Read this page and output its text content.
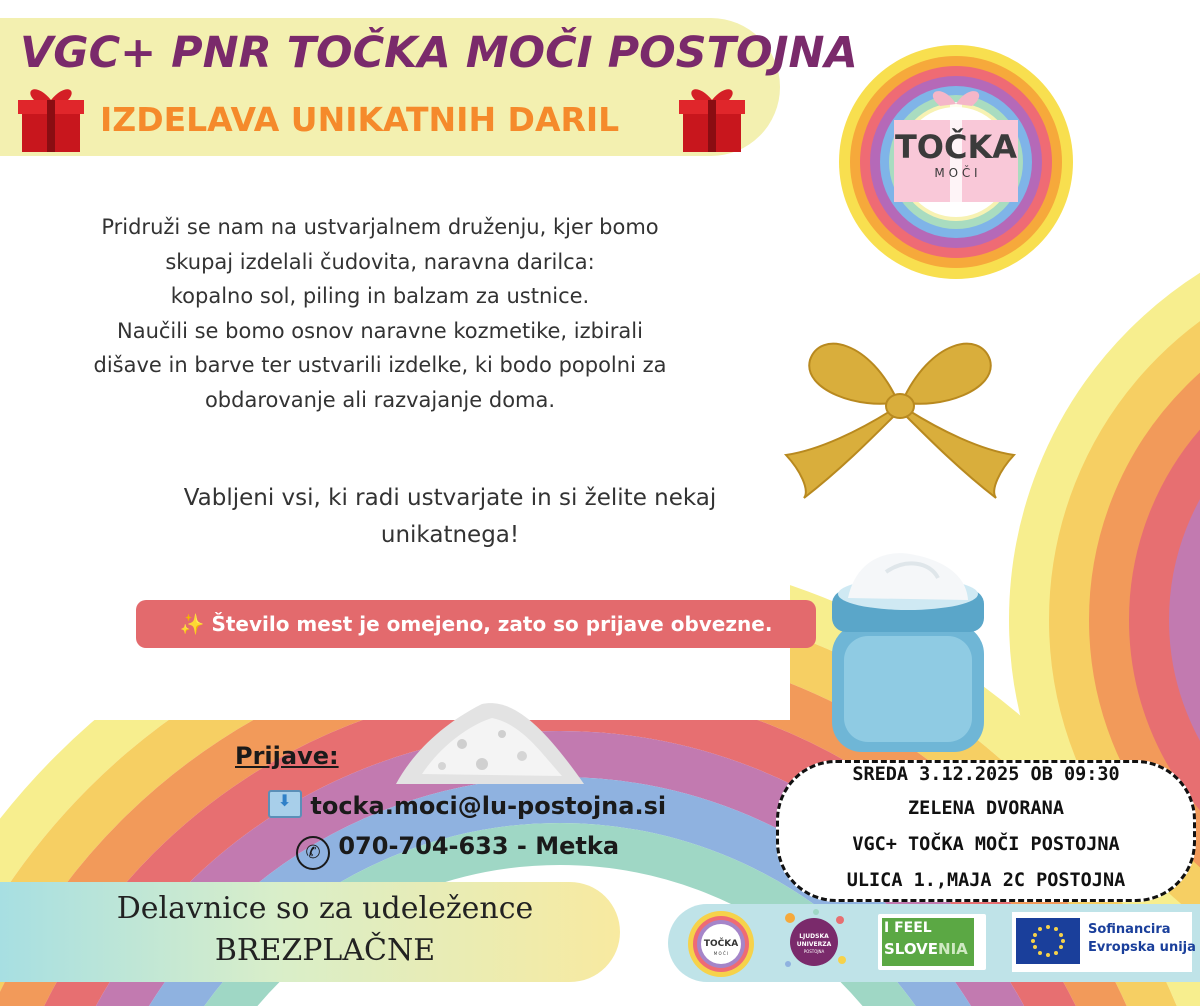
VGC+ PNR TOČKA MOČI POSTOJNA
IZDELAVA UNIKATNIH DARIL
TOČKA
M O Č I
Pridruži se nam na ustvarjalnem druženju, kjer bomo
skupaj izdelali čudovita, naravna darilca:
kopalno sol, piling in balzam za ustnice.
Naučili se bomo osnov naravne kozmetike, izbirali
dišave in barve ter ustvarili izdelke, ki bodo popolni za
obdarovanje ali razvajanje doma.
Vabljeni vsi, ki radi ustvarjate in si želite nekaj
unikatnega!
✨ Število mest je omejeno, zato so prijave obvezne.
Prijave:
⬇ tocka.moci@lu-postojna.si
✆ 070-704-633 - Metka
Delavnice so za udeležence
BREZPLAČNE
SREDA 3.12.2025 OB 09:30
ZELENA DVORANA
VGC+ TOČKA MOČI POSTOJNA
ULICA 1.,MAJA 2C POSTOJNA
TOČKA
M O Č I
LJUDSKA
UNIVERZA
POSTOJNA
I FEEL
SLOVENIA
Sofinancira
Evropska unija
